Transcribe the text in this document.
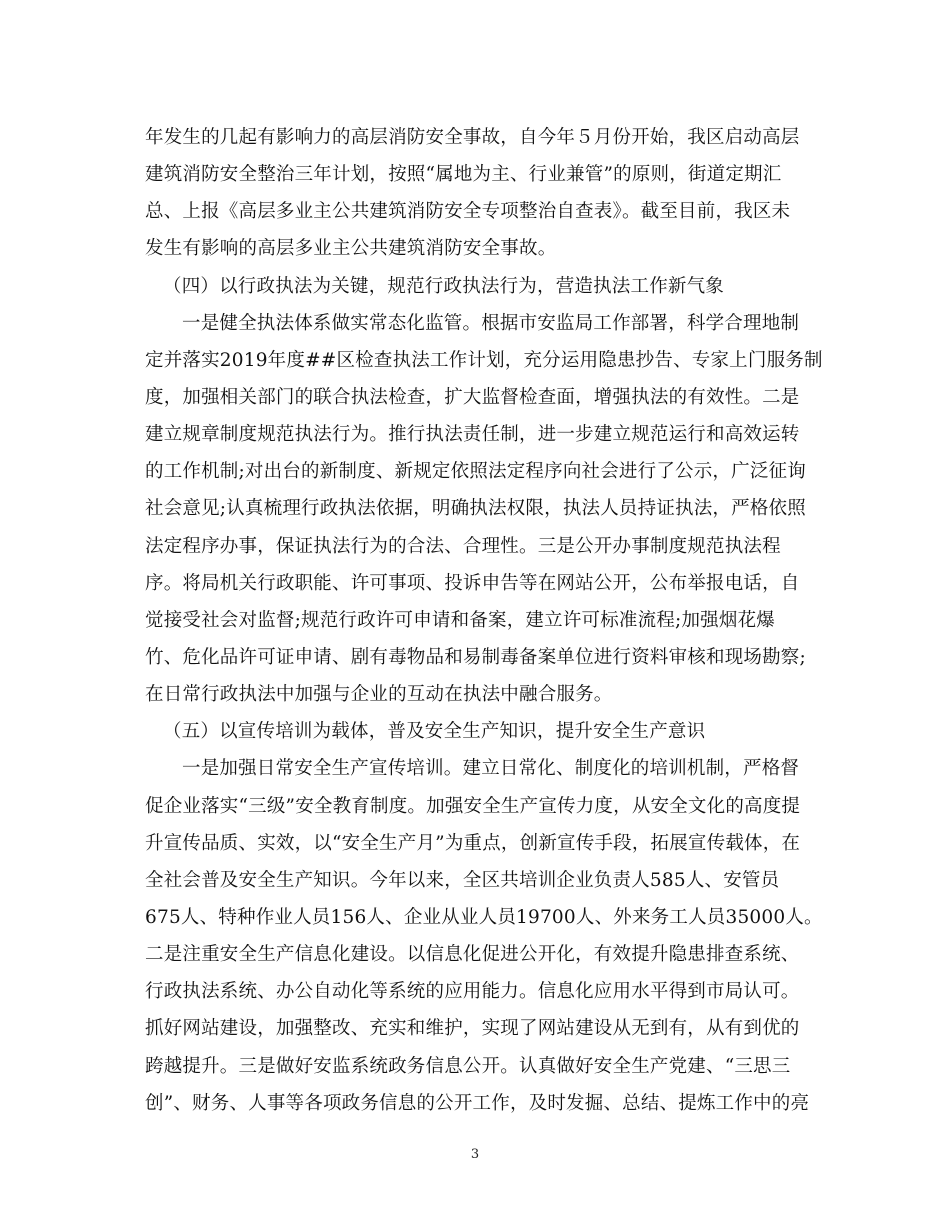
年发生的几起有影响力的高层消防安全事故，自今年５月份开始，我区启动高层
建筑消防安全整治三年计划，按照“属地为主、行业兼管”的原则，街道定期汇
总、上报《高层多业主公共建筑消防安全专项整治自查表》。截至目前，我区未
发生有影响的高层多业主公共建筑消防安全事故。
（四）以行政执法为关键，规范行政执法行为，营造执法工作新气象
一是健全执法体系做实常态化监管。根据市安监局工作部署，科学合理地制
定并落实2019年度##区检查执法工作计划，充分运用隐患抄告、专家上门服务制
度，加强相关部门的联合执法检查，扩大监督检查面，增强执法的有效性。二是
建立规章制度规范执法行为。推行执法责任制，进一步建立规范运行和高效运转
的工作机制;对出台的新制度、新规定依照法定程序向社会进行了公示，广泛征询
社会意见;认真梳理行政执法依据，明确执法权限，执法人员持证执法，严格依照
法定程序办事，保证执法行为的合法、合理性。三是公开办事制度规范执法程
序。将局机关行政职能、许可事项、投诉申告等在网站公开，公布举报电话，自
觉接受社会对监督;规范行政许可申请和备案，建立许可标准流程;加强烟花爆
竹、危化品许可证申请、剧有毒物品和易制毒备案单位进行资料审核和现场勘察;
在日常行政执法中加强与企业的互动在执法中融合服务。
（五）以宣传培训为载体，普及安全生产知识，提升安全生产意识
一是加强日常安全生产宣传培训。建立日常化、制度化的培训机制，严格督
促企业落实“三级”安全教育制度。加强安全生产宣传力度，从安全文化的高度提
升宣传品质、实效，以“安全生产月”为重点，创新宣传手段，拓展宣传载体，在
全社会普及安全生产知识。今年以来，全区共培训企业负责人585人、安管员
675人、特种作业人员156人、企业从业人员19700人、外来务工人员35000人。
二是注重安全生产信息化建设。以信息化促进公开化，有效提升隐患排查系统、
行政执法系统、办公自动化等系统的应用能力。信息化应用水平得到市局认可。
抓好网站建设，加强整改、充实和维护，实现了网站建设从无到有，从有到优的
跨越提升。三是做好安监系统政务信息公开。认真做好安全生产党建、“三思三
创”、财务、人事等各项政务信息的公开工作，及时发掘、总结、提炼工作中的亮
3
